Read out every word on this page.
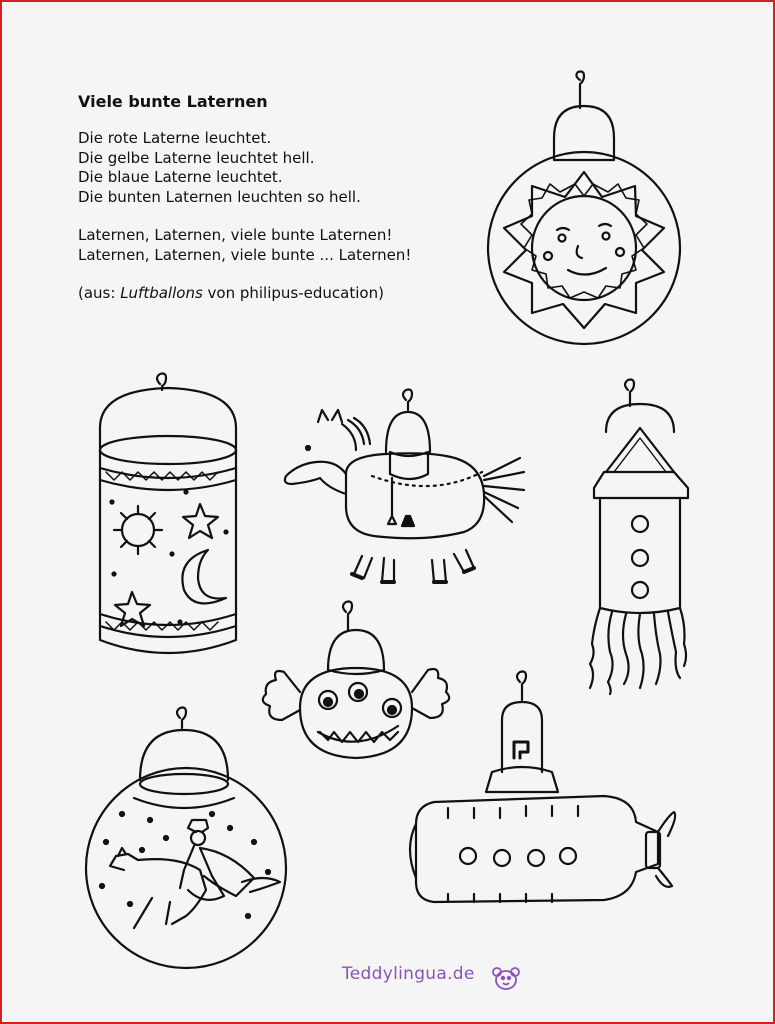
Viele bunte Laternen

Die rote Laterne leuchtet.

Die gelbe Laterne leuchtet hell.

Die blaue Laterne leuchtet.

Die bunten Laternen leuchten so hell.

Laternen, Laternen, viele bunte Laternen!

Laternen, Laternen, viele bunte ... Laternen!

(aus: Luftballons von philipus-education)

Teddylingua.de
